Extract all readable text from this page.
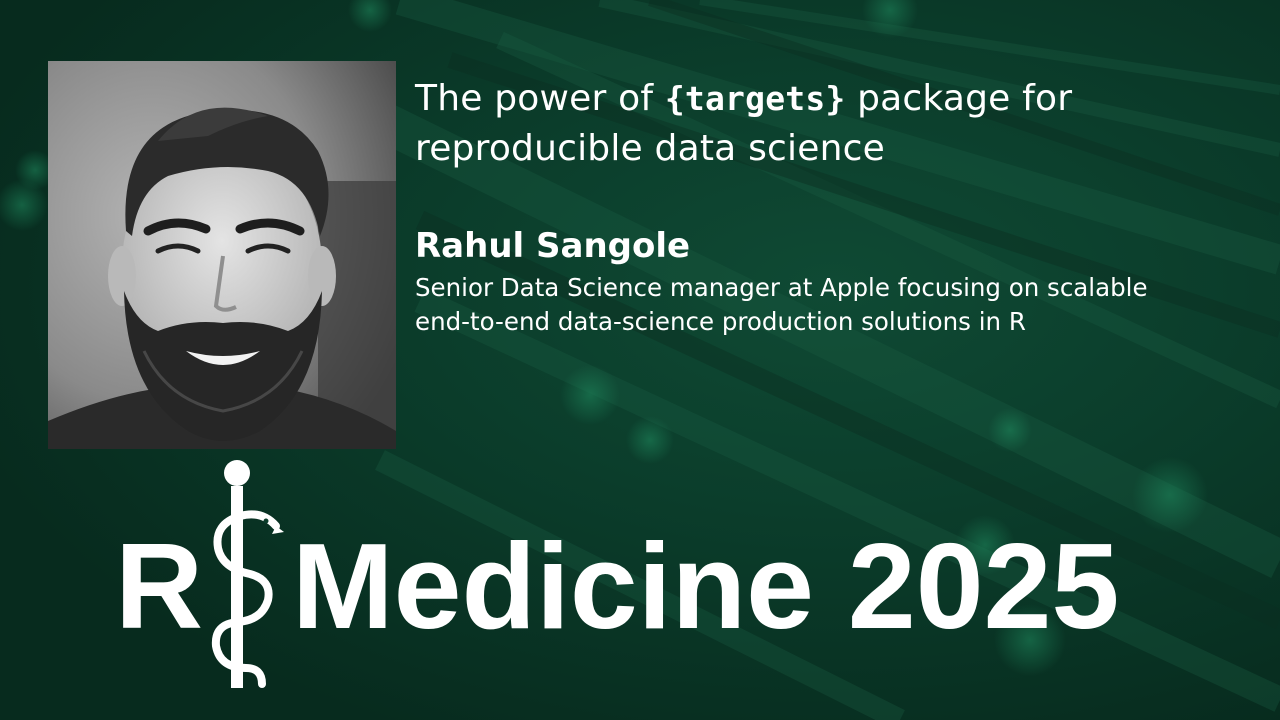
The power of {targets} package for reproducible data science
Rahul Sangole

Senior Data Science manager at Apple focusing on scalable end-to-end data-science production solutions in R

R Medicine 2025
